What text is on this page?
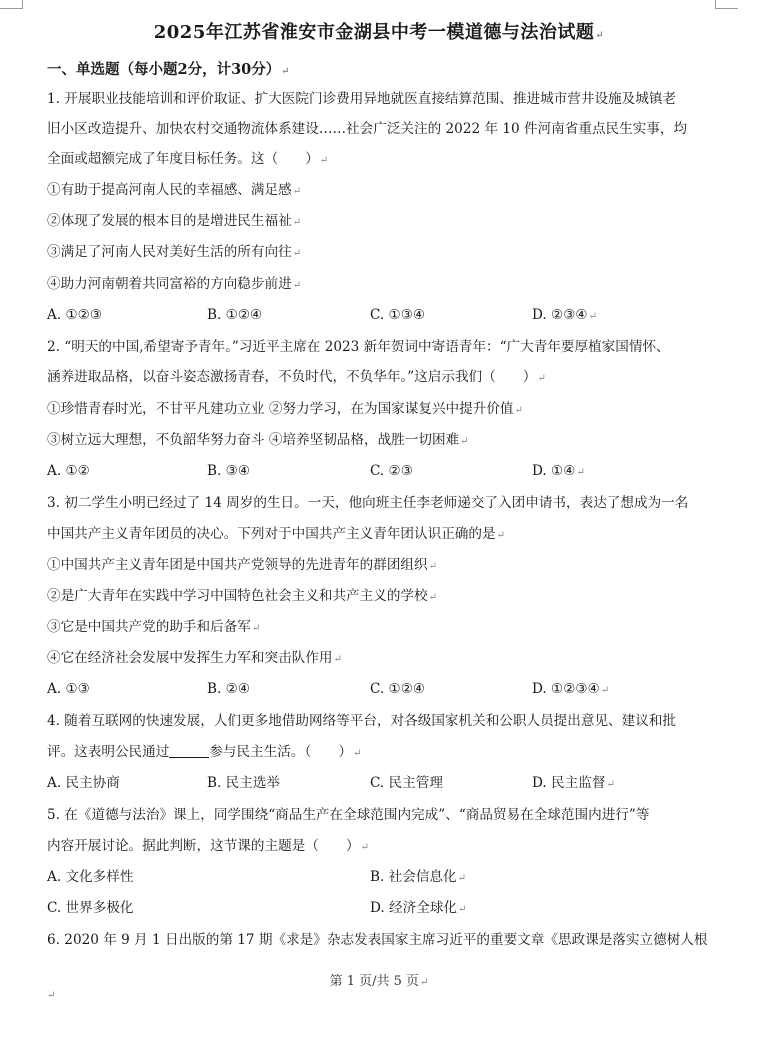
2025年江苏省淮安市金湖县中考一模道德与法治试题↵
一、单选题（每小题2分，计30分）↵
1. 开展职业技能培训和评价取证、扩大医院门诊费用异地就医直接结算范围、推进城市营井设施及城镇老
旧小区改造提升、加快农村交通物流体系建设……社会广泛关注的 2022 年 10 件河南省重点民生实事，均
全面或超额完成了年度目标任务。这（　　）↵
①有助于提高河南人民的幸福感、满足感↵
②体现了发展的根本目的是增进民生福祉↵
③满足了河南人民对美好生活的所有向往↵
④助力河南朝着共同富裕的方向稳步前进↵
A. ①②③	B. ①②④	C. ①③④	D. ②③④↵
2. “明天的中国,希望寄予青年。”习近平主席在 2023 新年贺词中寄语青年：“广大青年要厚植家国情怀、
涵养进取品格，以奋斗姿态激扬青春，不负时代，不负华年。”这启示我们（　　）↵
①珍惜青春时光，不甘平凡建功立业 ②努力学习，在为国家谋复兴中提升价值↵
③树立远大理想，不负韶华努力奋斗 ④培养坚韧品格，战胜一切困难↵
A. ①②	B. ③④	C. ②③	D. ①④↵
3. 初二学生小明已经过了 14 周岁的生日。一天，他向班主任李老师递交了入团申请书，表达了想成为一名
中国共产主义青年团员的决心。下列对于中国共产主义青年团认识正确的是↵
①中国共产主义青年团是中国共产党领导的先进青年的群团组织↵
②是广大青年在实践中学习中国特色社会主义和共产主义的学校↵
③它是中国共产党的助手和后备军↵
④它在经济社会发展中发挥生力军和突击队作用↵
A. ①③	B. ②④	C. ①②④	D. ①②③④↵
4. 随着互联网的快速发展，人们更多地借助网络等平台，对各级国家机关和公职人员提出意见、建议和批
评。这表明公民通过	参与民主生活。（　　）↵
A. 民主协商	B. 民主选举	C. 民主管理	D. 民主监督↵
5. 在《道德与法治》课上，同学围绕“商品生产在全球范围内完成”、“商品贸易在全球范围内进行”等
内容开展讨论。据此判断，这节课的主题是（　　）↵
A. 文化多样性	B. 社会信息化↵
C. 世界多极化	D. 经济全球化↵
6. 2020 年 9 月 1 日出版的第 17 期《求是》杂志发表国家主席习近平的重要文章《思政课是落实立德树人根
第 1 页/共 5 页↵
↵
